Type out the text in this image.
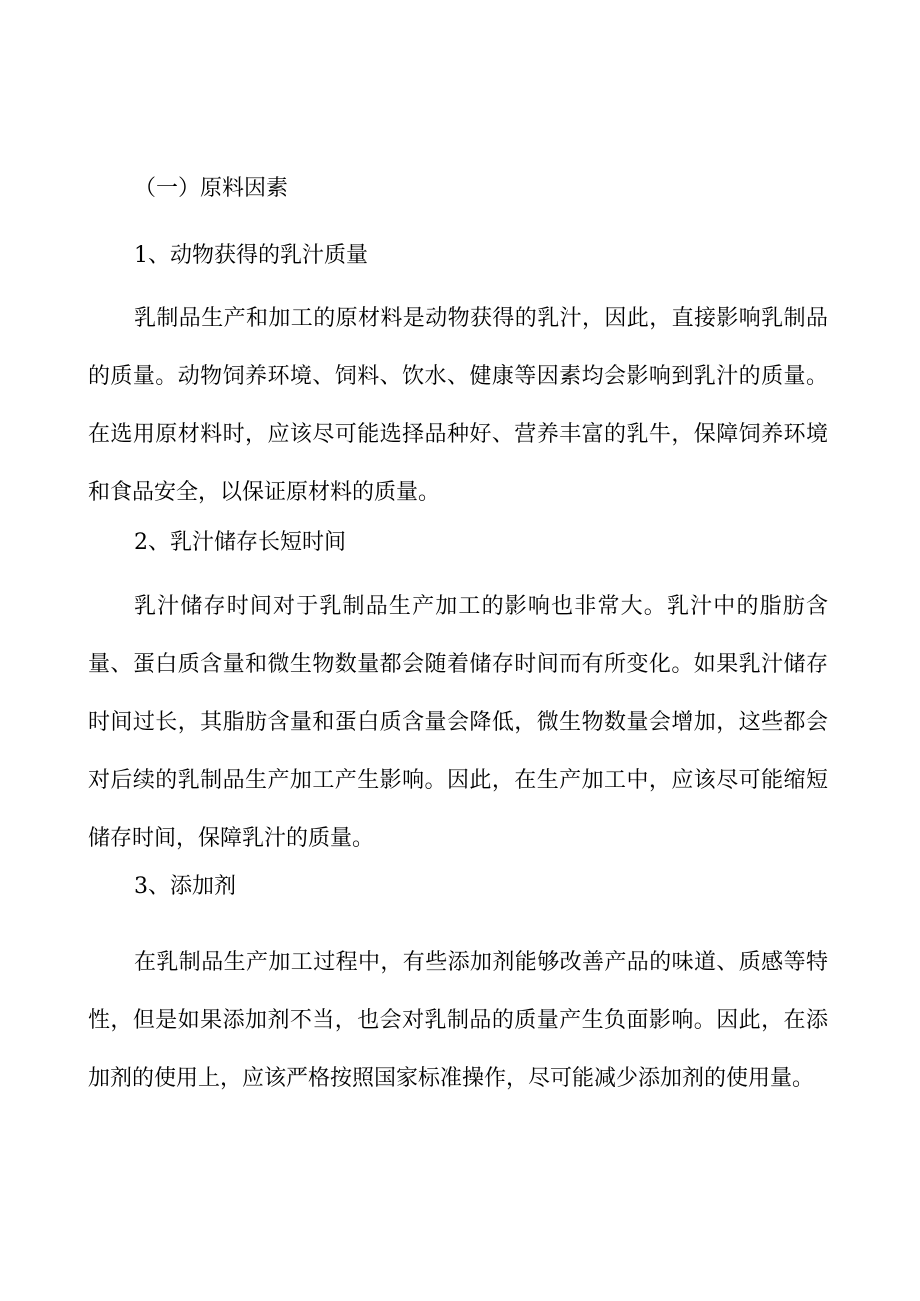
（一）原料因素
1、动物获得的乳汁质量

乳制品生产和加工的原材料是动物获得的乳汁，因此，直接影响乳制品的质量。动物饲养环境、饲料、饮水、健康等因素均会影响到乳汁的质量。在选用原材料时，应该尽可能选择品种好、营养丰富的乳牛，保障饲养环境和食品安全，以保证原材料的质量。

2、乳汁储存长短时间

乳汁储存时间对于乳制品生产加工的影响也非常大。乳汁中的脂肪含量、蛋白质含量和微生物数量都会随着储存时间而有所变化。如果乳汁储存时间过长，其脂肪含量和蛋白质含量会降低，微生物数量会增加，这些都会对后续的乳制品生产加工产生影响。因此，在生产加工中，应该尽可能缩短储存时间，保障乳汁的质量。

3、添加剂

在乳制品生产加工过程中，有些添加剂能够改善产品的味道、质感等特性，但是如果添加剂不当，也会对乳制品的质量产生负面影响。因此，在添加剂的使用上，应该严格按照国家标准操作，尽可能减少添加剂的使用量。
